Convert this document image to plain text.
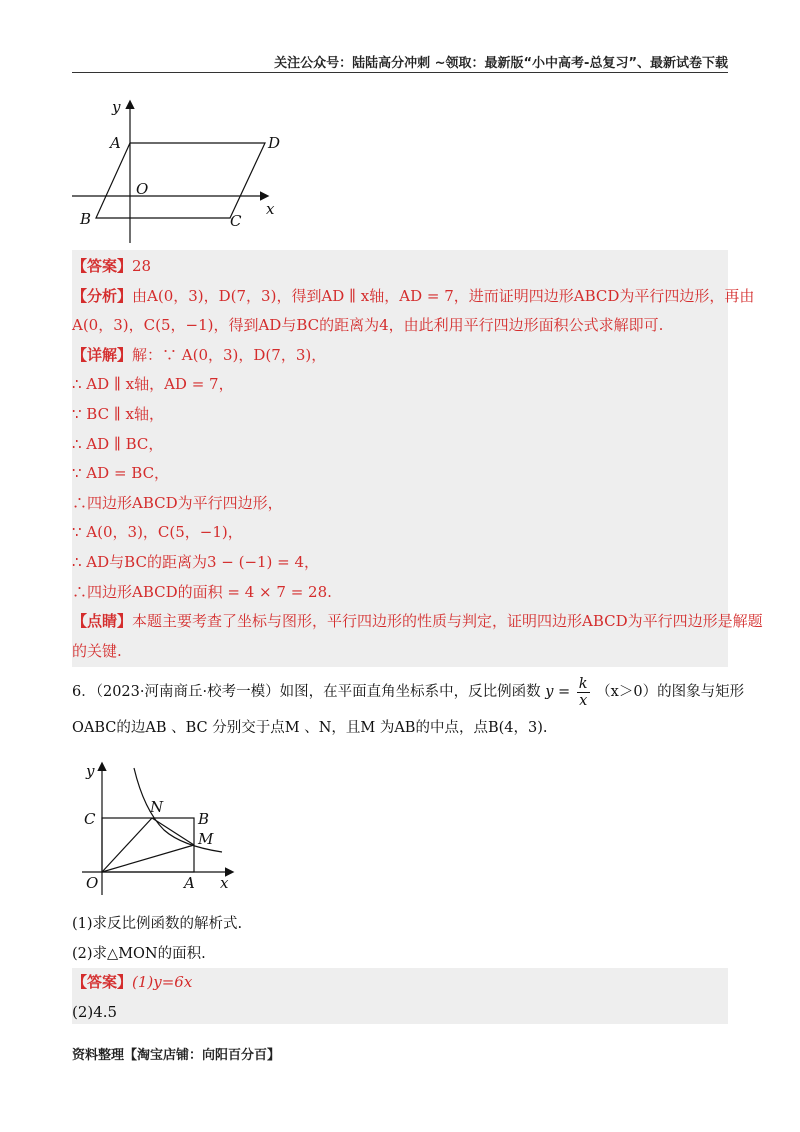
关注公众号：陆陆高分冲刺 ~领取：最新版“小中高考-总复习”、最新试卷下载
y
A	D
O
B	C
x
【答案】28
【分析】由A(0，3)，D(7，3)，得到AD ∥ x轴，AD = 7，进而证明四边形ABCD为平行四边形，再由
A(0，3)，C(5，−1)，得到AD与BC的距离为4，由此利用平行四边形面积公式求解即可.
【详解】解：∵ A(0，3)，D(7，3)，
∴ AD ∥ x轴，AD = 7，
∵ BC ∥ x轴，
∴ AD ∥ BC，
∵ AD = BC，
∴四边形ABCD为平行四边形，
∵ A(0，3)，C(5，−1)，
∴ AD与BC的距离为3 − (−1) = 4，
∴四边形ABCD的面积 = 4 × 7 = 28.
【点睛】本题主要考查了坐标与图形，平行四边形的性质与判定，证明四边形ABCD为平行四边形是解题
的关键.
6．（2023·河南商丘·校考一模）如图，在平面直角坐标系中，反比例函数 $y = \frac{k}{x} (x>0)$的图象与矩形
OABC的边AB 、BC 分别交于点M 、N，且M 为AB的中点，点B(4，3).
y
C
N
B
M
O	A x
(1)求反比例函数的解析式.
(2)求△MON的面积.
【答案】(1)y=6x
(2)4.5
资料整理【淘宝店铺：向阳百分百】
